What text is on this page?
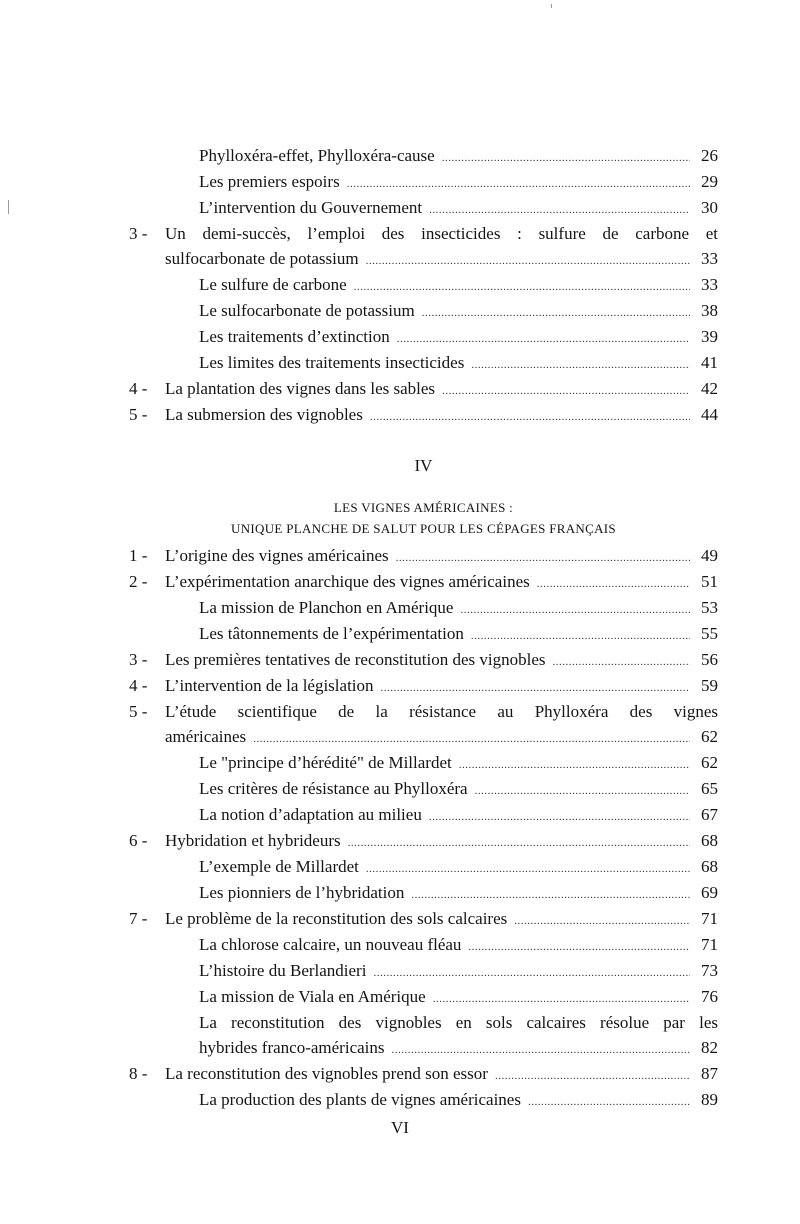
Phylloxéra-effet, Phylloxéra-cause .....	26
Les premiers espoirs .....	29
L’intervention du Gouvernement .....	30
3 - Un demi-succès, l’emploi des insecticides : sulfure de carbone et
sulfocarbonate de potassium .....	33
Le sulfure de carbone .....	33
Le sulfocarbonate de potassium .....	38
Les traitements d’extinction .....	39
Les limites des traitements insecticides .....	41
4 - La plantation des vignes dans les sables .....	42
5 - La submersion des vignobles .....	44
IV
LES VIGNES AMÉRICAINES :
UNIQUE PLANCHE DE SALUT POUR LES CÉPAGES FRANÇAIS
1 - L’origine des vignes américaines .....	49
2 - L’expérimentation anarchique des vignes américaines .....	51
La mission de Planchon en Amérique .....	53
Les tâtonnements de l’expérimentation .....	55
3 - Les premières tentatives de reconstitution des vignobles .....	56
4 - L’intervention de la législation .....	59
5 - L’étude scientifique de la résistance au Phylloxéra des vignes
américaines .....	62
Le "principe d’hérédité" de Millardet .....	62
Les critères de résistance au Phylloxéra .....	65
La notion d’adaptation au milieu .....	67
6 - Hybridation et hybrideurs .....	68
L’exemple de Millardet .....	68
Les pionniers de l’hybridation .....	69
7 - Le problème de la reconstitution des sols calcaires .....	71
La chlorose calcaire, un nouveau fléau .....	71
L’histoire du Berlandieri .....	73
La mission de Viala en Amérique .....	76
La reconstitution des vignobles en sols calcaires résolue par les
hybrides franco-américains .....	82
8 - La reconstitution des vignobles prend son essor .....	87
La production des plants de vignes américaines .....	89
VI
